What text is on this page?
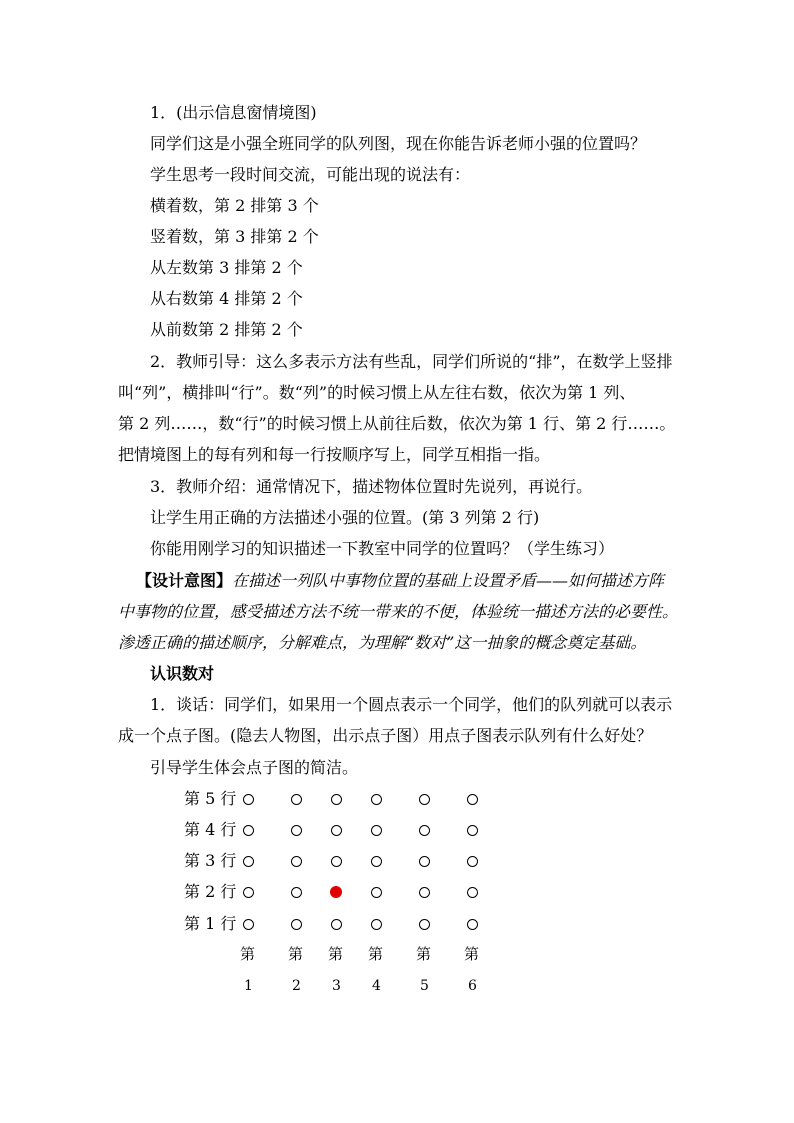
1．(出示信息窗情境图)
同学们这是小强全班同学的队列图，现在你能告诉老师小强的位置吗？
学生思考一段时间交流，可能出现的说法有：
横着数，第 2 排第 3 个
竖着数，第 3 排第 2 个
从左数第 3 排第 2 个
从右数第 4 排第 2 个
从前数第 2 排第 2 个
2．教师引导：这么多表示方法有些乱，同学们所说的“排”，在数学上竖排
叫“列”，横排叫“行”。数“列”的时候习惯上从左往右数，依次为第 1 列、
第 2 列……，数“行”的时候习惯上从前往后数，依次为第 1 行、第 2 行……。
把情境图上的每有列和每一行按顺序写上，同学互相指一指。
3．教师介绍：通常情况下，描述物体位置时先说列，再说行。
让学生用正确的方法描述小强的位置。(第 3 列第 2 行)
你能用刚学习的知识描述一下教室中同学的位置吗？（学生练习）
【设计意图】在描述一列队中事物位置的基础上设置矛盾——如何描述方阵
中事物的位置，感受描述方法不统一带来的不便，体验统一描述方法的必要性。
渗透正确的描述顺序，分解难点，为理解“数对”这一抽象的概念奠定基础。
认识数对
1．谈话：同学们，如果用一个圆点表示一个同学，他们的队列就可以表示
成一个点子图。(隐去人物图，出示点子图）用点子图表示队列有什么好处？
引导学生体会点子图的简洁。
第 5 行
第 4 行
第 3 行
第 2 行
第 1 行
第
1
第
2
第
3
第
4
第
5
第
6
